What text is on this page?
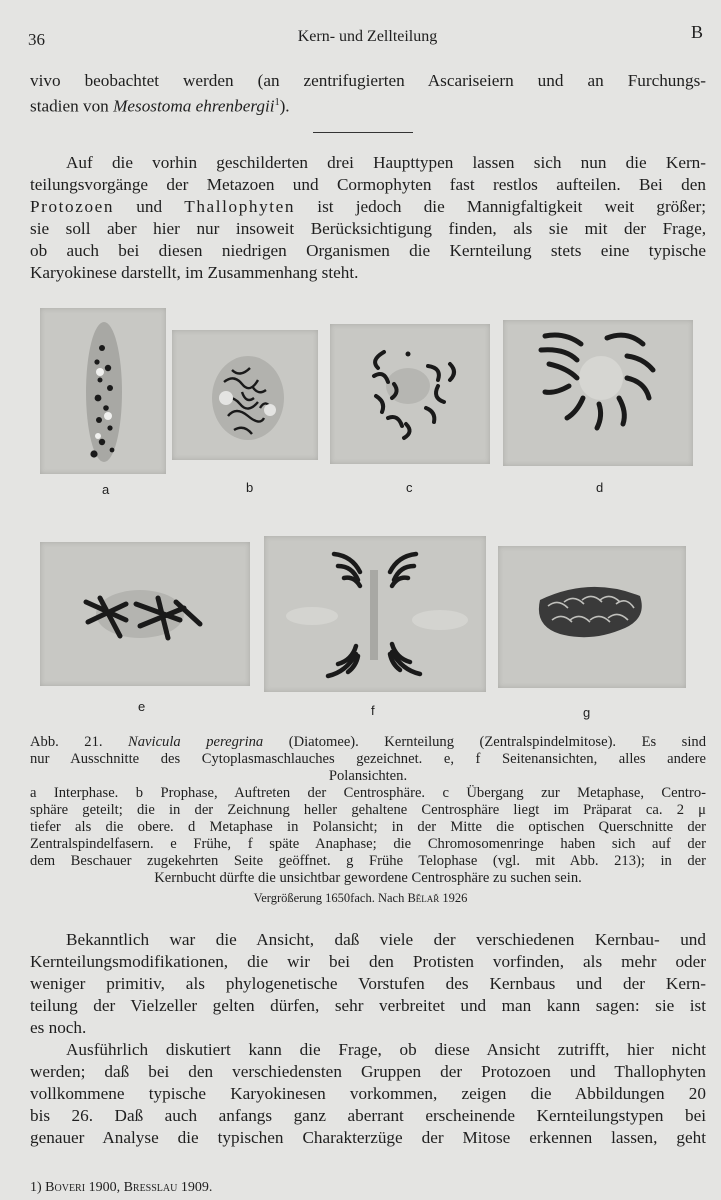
36	Kern- und Zellteilung	B

vivo beobachtet werden (an zentrifugierten Ascariseiern und an Furchungs-

stadien von Mesostoma ehrenbergii$^1$).

Auf die vorhin geschilderten drei Haupttypen lassen sich nun die Kern-

teilungsvorgänge der Metazoen und Cormophyten fast restlos aufteilen. Bei den

Protozoen und Thallophyten ist jedoch die Mannigfaltigkeit weit größer;

sie soll aber hier nur insoweit Berücksichtigung finden, als sie mit der Frage,

ob auch bei diesen niedrigen Organismen die Kernteilung stets eine typische

Karyokinese darstellt, im Zusammenhang steht.

a	b	c	d
e	f	g

Abb. 21. Navicula peregrina (Diatomee). Kernteilung (Zentralspindelmitose). Es sind

nur Ausschnitte des Cytoplasmaschlauches gezeichnet. e, f Seitenansichten, alles andere

Polansichten.

a Interphase. b Prophase, Auftreten der Centrosphäre. c Übergang zur Metaphase, Centro-

sphäre geteilt; die in der Zeichnung heller gehaltene Centrosphäre liegt im Präparat ca. 2 μ

tiefer als die obere. d Metaphase in Polansicht; in der Mitte die optischen Querschnitte der

Zentralspindelfasern. e Frühe, f späte Anaphase; die Chromosomenringe haben sich auf der

dem Beschauer zugekehrten Seite geöffnet. g Frühe Telophase (vgl. mit Abb. 213); in der

Kernbucht dürfte die unsichtbar gewordene Centrosphäre zu suchen sein.

Vergrößerung 1650fach. Nach Bělař 1926

Bekanntlich war die Ansicht, daß viele der verschiedenen Kernbau- und

Kernteilungsmodifikationen, die wir bei den Protisten vorfinden, als mehr oder

weniger primitiv, als phylogenetische Vorstufen des Kernbaus und der Kern-

teilung der Vielzeller gelten dürfen, sehr verbreitet und man kann sagen: sie ist

es noch.

Ausführlich diskutiert kann die Frage, ob diese Ansicht zutrifft, hier nicht

werden; daß bei den verschiedensten Gruppen der Protozoen und Thallophyten

vollkommene typische Karyokinesen vorkommen, zeigen die Abbildungen 20

bis 26. Daß auch anfangs ganz aberrant erscheinende Kernteilungstypen bei

genauer Analyse die typischen Charakterzüge der Mitose erkennen lassen, geht

1) Boveri 1900, Bresslau 1909.
